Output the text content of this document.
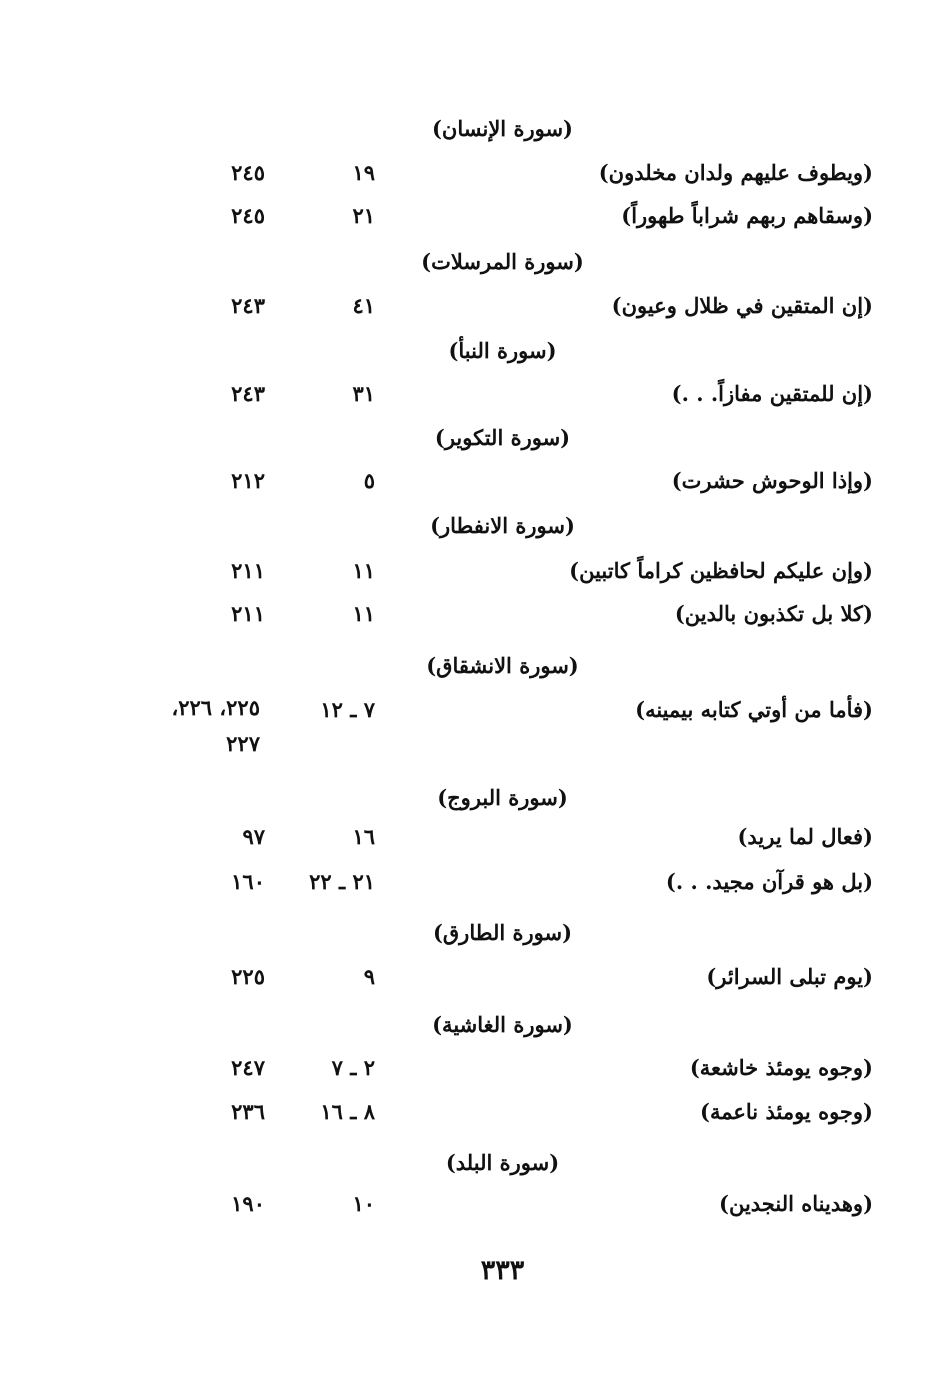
(سورة الإنسان)
(ويطوف عليهم ولدان مخلدون)
١٩
٢٤٥
(وسقاهم ربهم شراباً طهوراً)
٢١
٢٤٥
(سورة المرسلات)
(إن المتقين في ظلال وعيون)
٤١
٢٤٣
(سورة النبأ)
(إن للمتقين مفازاً. . .)
٣١
٢٤٣
(سورة التكوير)
(وإذا الوحوش حشرت)
٥
٢١٢
(سورة الانفطار)
(وإن عليكم لحافظين كراماً كاتبين)
١١
٢١١
(كلا بل تكذبون بالدين)
١١
٢١١
(سورة الانشقاق)
(فأما من أوتي كتابه بيمينه)
٧ ـ ١٢
٢٢٥، ٢٢٦، ٢٢٧
(سورة البروج)
(فعال لما يريد)
١٦
٩٧
(بل هو قرآن مجيد. . .)
٢١ ـ ٢٢
١٦٠
(سورة الطارق)
(يوم تبلى السرائر)
٩
٢٢٥
(سورة الغاشية)
(وجوه يومئذ خاشعة)
٢ ـ ٧
٢٤٧
(وجوه يومئذ ناعمة)
٨ ـ ١٦
٢٣٦
(سورة البلد)
(وهديناه النجدين)
١٠
١٩٠
٣٣٣
